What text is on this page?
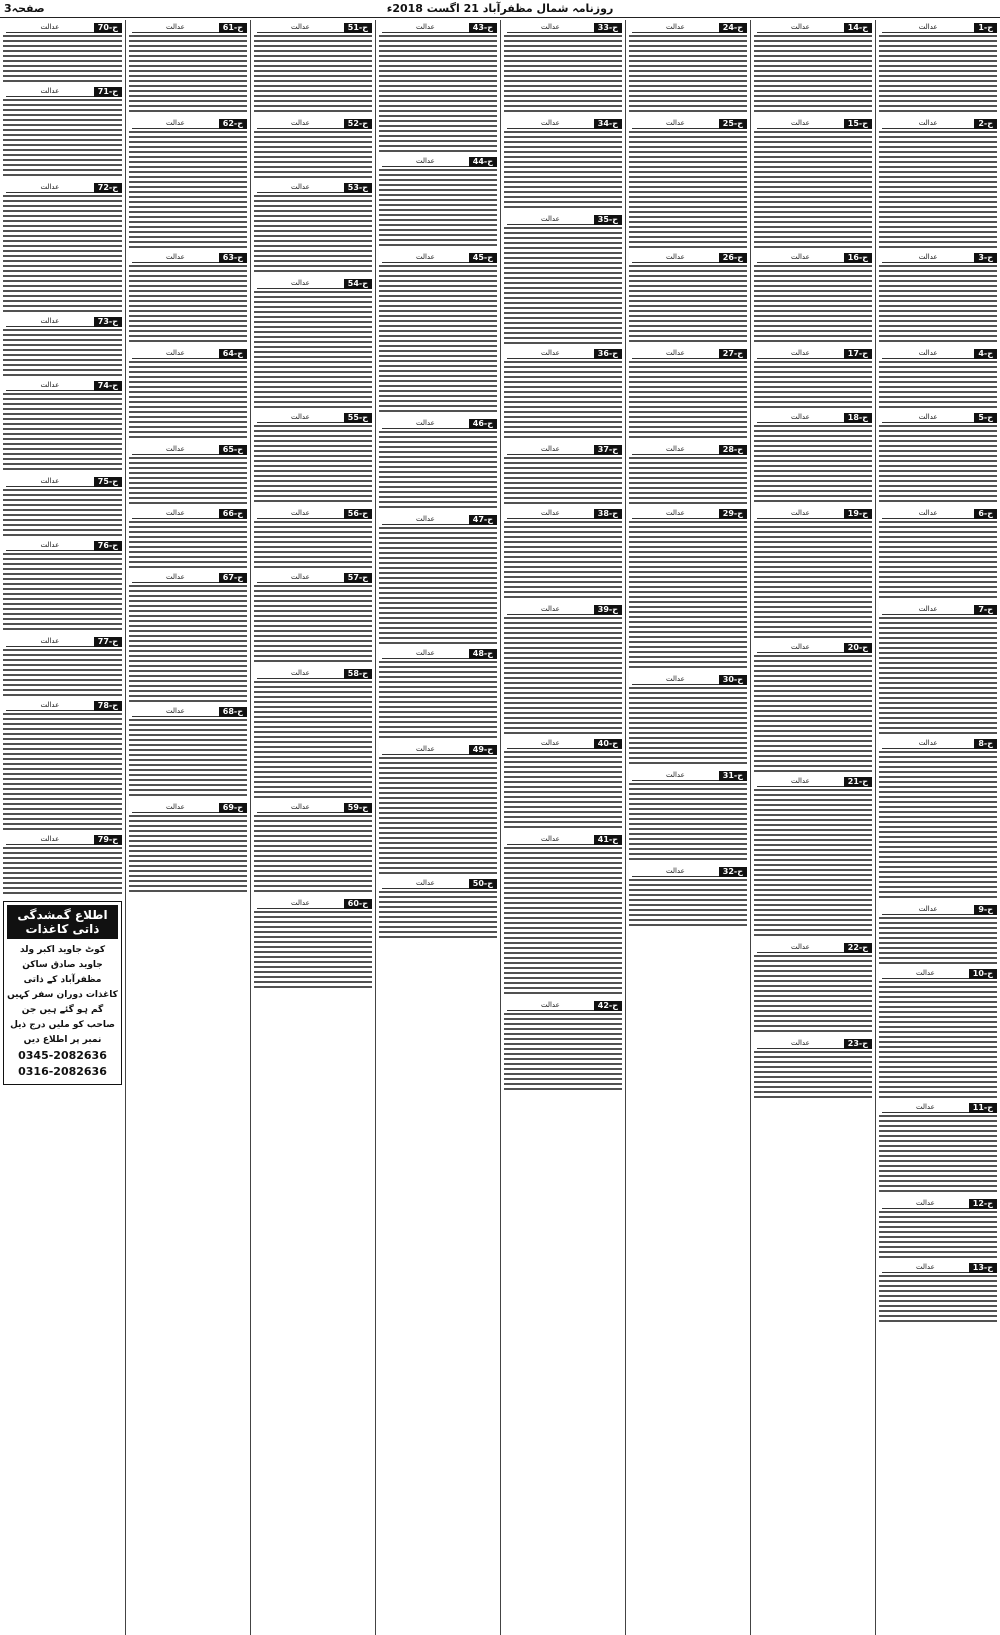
صفحہ3	روزنامہ شمال مظفرآباد 21 اگست 2018ء
عدالت	1-ح
عدالت	2-ح
عدالت	3-ح
عدالت	4-ح
عدالت	5-ح
عدالت	6-ح
عدالت	7-ح
عدالت	8-ح
عدالت	9-ح
عدالت	10-ح
عدالت	11-ح
عدالت	12-ح
عدالت	13-ح
عدالت	14-ح
عدالت	15-ح
عدالت	16-ح
عدالت	17-ح
عدالت	18-ح
عدالت	19-ح
عدالت	20-ح
عدالت	21-ح
عدالت	22-ح
عدالت	23-ح
عدالت	24-ح
عدالت	25-ح
عدالت	26-ح
عدالت	27-ح
عدالت	28-ح
عدالت	29-ح
عدالت	30-ح
عدالت	31-ح
عدالت	32-ح
عدالت	33-ح
عدالت	34-ح
عدالت	35-ح
عدالت	36-ح
عدالت	37-ح
عدالت	38-ح
عدالت	39-ح
عدالت	40-ح
عدالت	41-ح
عدالت	42-ح
عدالت	43-ح
عدالت	44-ح
عدالت	45-ح
عدالت	46-ح
عدالت	47-ح
عدالت	48-ح
عدالت	49-ح
عدالت	50-ح
عدالت	51-ح
عدالت	52-ح
عدالت	53-ح
عدالت	54-ح
عدالت	55-ح
عدالت	56-ح
عدالت	57-ح
عدالت	58-ح
عدالت	59-ح
عدالت	60-ح
عدالت	61-ح
عدالت	62-ح
عدالت	63-ح
عدالت	64-ح
عدالت	65-ح
عدالت	66-ح
عدالت	67-ح
عدالت	68-ح
عدالت	69-ح
عدالت	70-ح
عدالت	71-ح
عدالت	72-ح
عدالت	73-ح
عدالت	74-ح
عدالت	75-ح
عدالت	76-ح
عدالت	77-ح
عدالت	78-ح
عدالت	79-ح
اطلاع گمشدگی ذاتی کاغذات
کوٹ جاوید اکبر ولد جاوید صادق ساکن مظفرآباد کے ذاتی کاغذات دوران سفر کہیں گم ہو گئے ہیں جن صاحب کو ملیں درج ذیل نمبر پر اطلاع دیں
0345-2082636
0316-2082636
